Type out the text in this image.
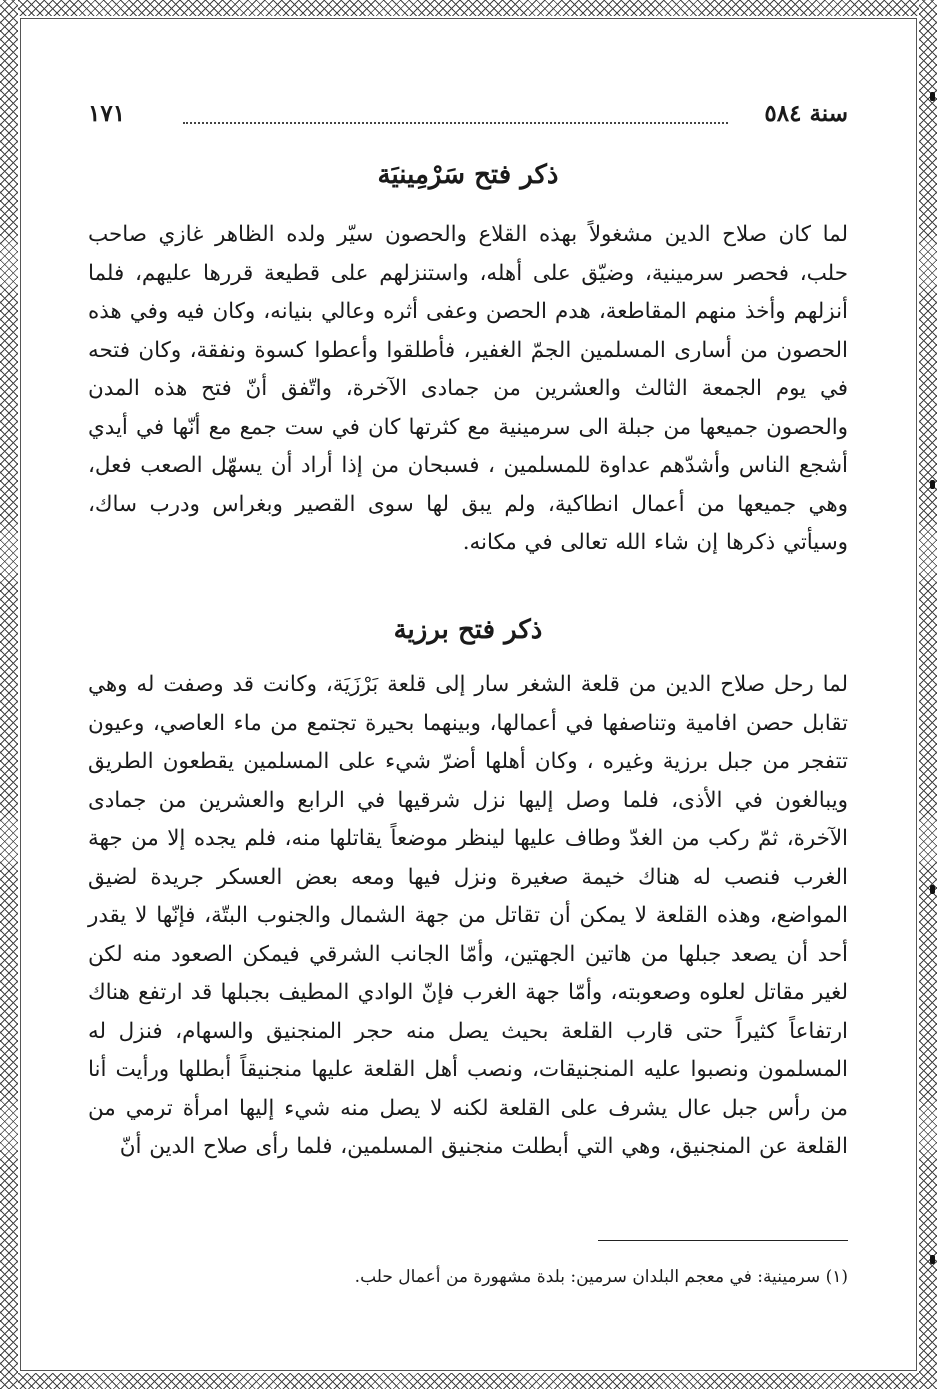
سنة ٥٨٤
١٧١
ذكر فتح سَرْمِينيَة

لما كان صلاح الدين مشغولاً بهذه القلاع والحصون سيّر ولده الظاهر غازي صاحب حلب، فحصر سرمينية، وضيّق على أهله، واستنزلهم على قطيعة قررها عليهم، فلما أنزلهم وأخذ منهم المقاطعة، هدم الحصن وعفى أثره وعالي بنيانه، وكان فيه وفي هذه الحصون من أسارى المسلمين الجمّ الغفير، فأطلقوا وأعطوا كسوة ونفقة، وكان فتحه في يوم الجمعة الثالث والعشرين من جمادى الآخرة، واتّفق أنّ فتح هذه المدن والحصون جميعها من جبلة الى سرمينية مع كثرتها كان في ست جمع مع أنّها في أيدي أشجع الناس وأشدّهم عداوة للمسلمين ، فسبحان من إذا أراد أن يسهّل الصعب فعل، وهي جميعها من أعمال انطاكية، ولم يبق لها سوى القصير وبغراس ودرب ساك، وسيأتي ذكرها إن شاء الله تعالى في مكانه.

ذكر فتح برزية

لما رحل صلاح الدين من قلعة الشغر سار إلى قلعة بَرْزَيَة، وكانت قد وصفت له وهي تقابل حصن افامية وتناصفها في أعمالها، وبينهما بحيرة تجتمع من ماء العاصي، وعيون تتفجر من جبل برزية وغيره ، وكان أهلها أضرّ شيء على المسلمين يقطعون الطريق ويبالغون في الأذى، فلما وصل إليها نزل شرقيها في الرابع والعشرين من جمادى الآخرة، ثمّ ركب من الغدّ وطاف عليها لينظر موضعاً يقاتلها منه، فلم يجده إلا من جهة الغرب فنصب له هناك خيمة صغيرة ونزل فيها ومعه بعض العسكر جريدة لضيق المواضع، وهذه القلعة لا يمكن أن تقاتل من جهة الشمال والجنوب البتّة، فإنّها لا يقدر أحد أن يصعد جبلها من هاتين الجهتين، وأمّا الجانب الشرقي فيمكن الصعود منه لكن لغير مقاتل لعلوه وصعوبته، وأمّا جهة الغرب فإنّ الوادي المطيف بجبلها قد ارتفع هناك ارتفاعاً كثيراً حتى قارب القلعة بحيث يصل منه حجر المنجنيق والسهام، فنزل له المسلمون ونصبوا عليه المنجنيقات، ونصب أهل القلعة عليها منجنيقاً أبطلها ورأيت أنا من رأس جبل عال يشرف على القلعة لكنه لا يصل منه شيء إليها امرأة ترمي من القلعة عن المنجنيق، وهي التي أبطلت منجنيق المسلمين، فلما رأى صلاح الدين أنّ

(١) سرمينية: في معجم البلدان سرمين: بلدة مشهورة من أعمال حلب.
